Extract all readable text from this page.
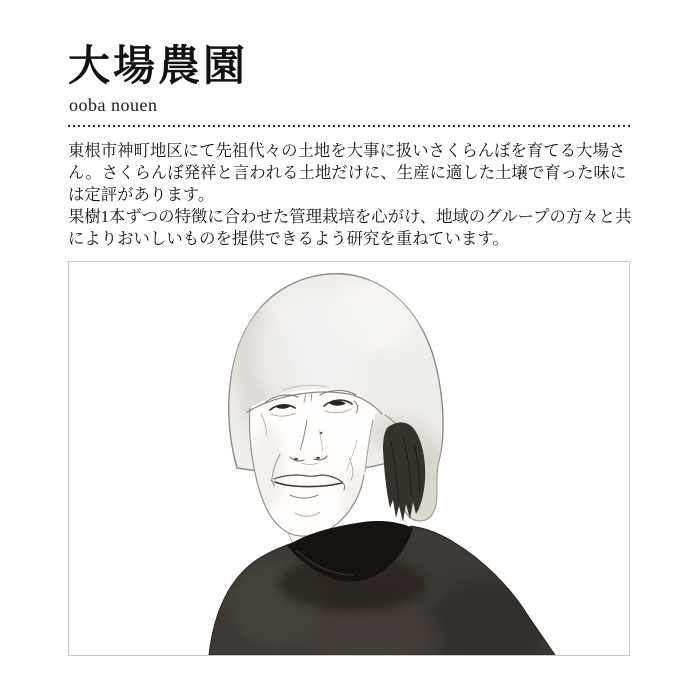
大場農園
ooba nouen

東根市神町地区にて先祖代々の土地を大事に扱いさくらんぼを育てる大場さん。さくらんぼ発祥と言われる土地だけに、生産に適した土壌で育った味には定評があります。

果樹1本ずつの特徴に合わせた管理栽培を心がけ、地域のグループの方々と共によりおいしいものを提供できるよう研究を重ねています。
